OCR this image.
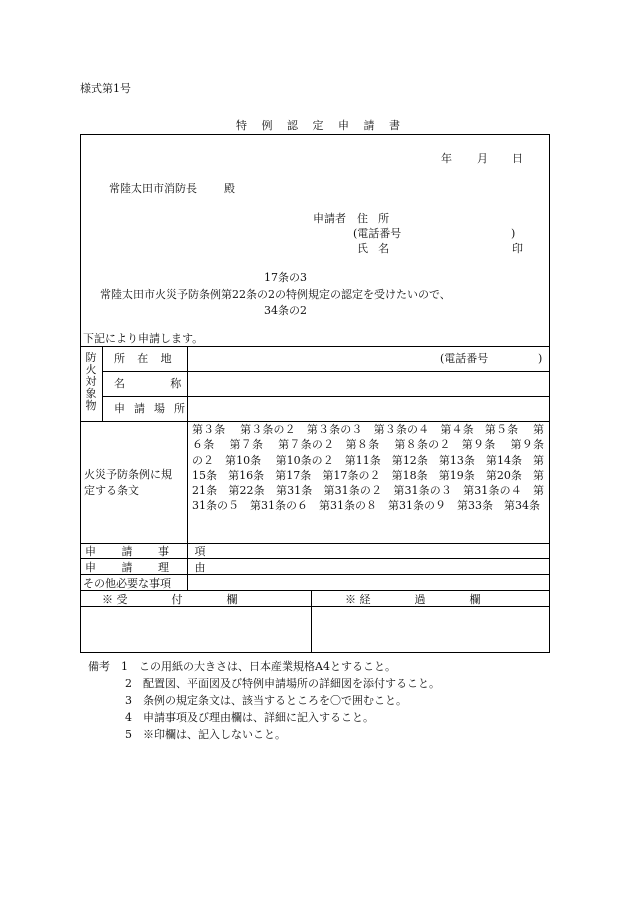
様式第1号
特 例 認 定 申 請 書
年 月 日
常陸太田市消防長 殿
申請者 住 所
(電話番号	)
氏 名	印
17条の3
常陸太田市火災予防条例第22条の2の特例規定の認定を受けたいので、
34条の2
下記により申請します。
防
火
対
象
物
所 在 地	(電話番号	)
名 称
申 請 場 所
火災予防条例に規
定する条文
第３条　 第３条の２　第３条の３　第３条の４　第４条　第５条　 第６条　 第７条　 第７条の２　第８条　 第８条の２　第９条　 第９条の２　第10条　 第10条の２　第11条　第12条　第13条　第14条　第15条　第16条　第17条　第17条の２　第18条　第19条　第20条　第21条　第22条　第31条　第31条の２　第31条の３　第31条の４　第31条の５　第31条の６　第31条の８　第31条の９　第33条　第34条
申 請 事 項
申 請 理 由
その他必要な事項
※ 受　　　　付　　　　欄	※ 経　　　　過　　　　欄
備考　 1　 この用紙の大きさは、日本産業規格A4とすること。
2　 配置図、平面図及び特例申請場所の詳細図を添付すること。
3　 条例の規定条文は、該当するところを〇で囲むこと。
4　 申請事項及び理由欄は、詳細に記入すること。
5　 ※印欄は、記入しないこと。
